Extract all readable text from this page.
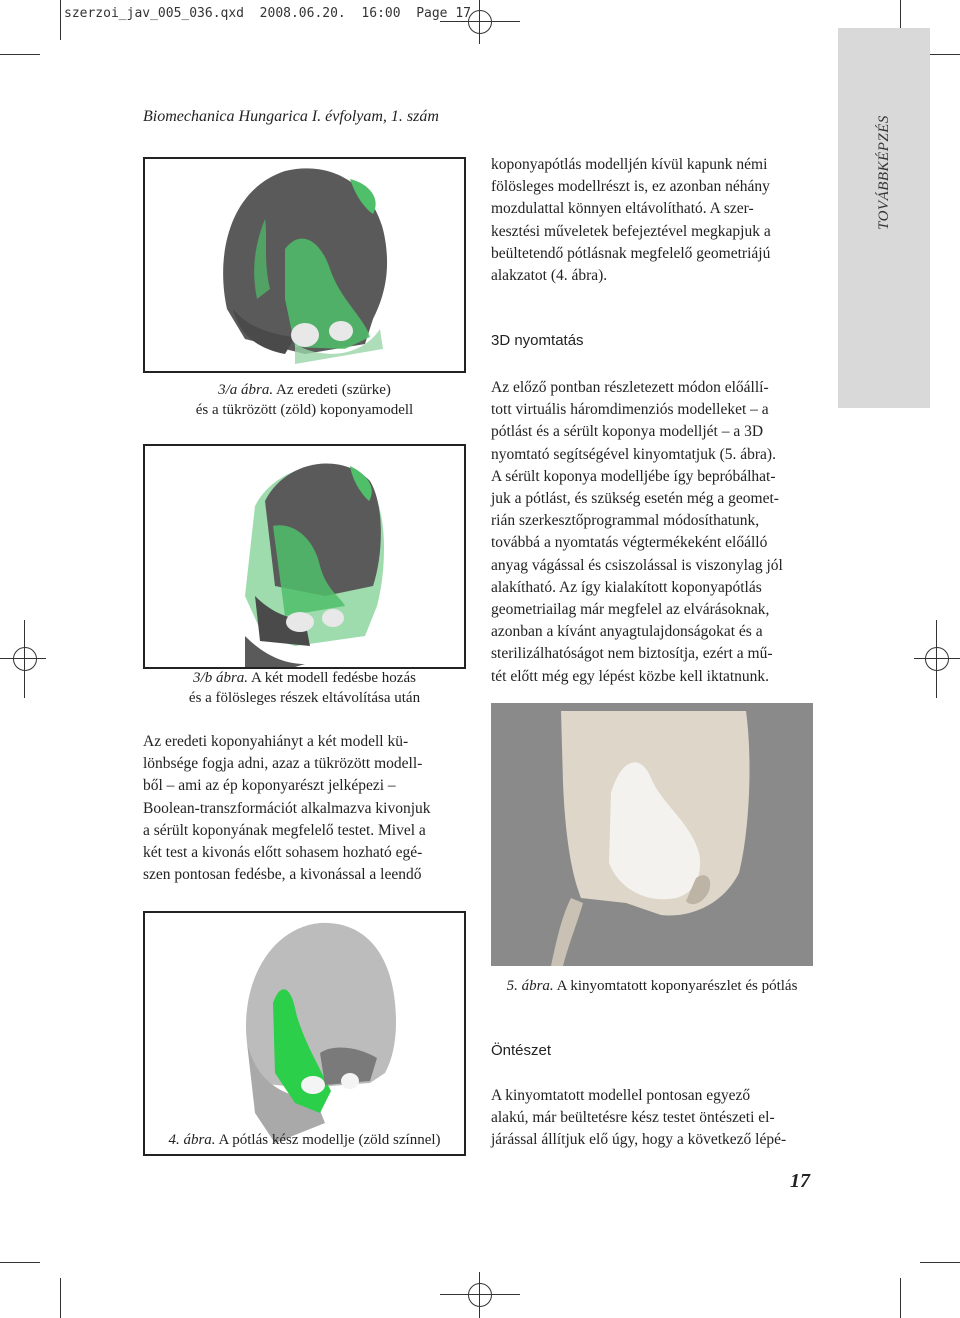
szerzoi_jav_005_036.qxd  2008.06.20.  16:00  Page 17
Biomechanica Hungarica I. évfolyam, 1. szám	TOVÁBBKÉPZÉS
3/a ábra. Az eredeti (szürke)
és a tükrözött (zöld) koponyamodell
3/b ábra. A két modell fedésbe hozás
és a fölösleges részek eltávolítása után
Az eredeti koponyahiányt a két modell kü-
lönbsége fogja adni, azaz a tükrözött modell-
ből – ami az ép koponyarészt jelképezi –
Boolean-transzformációt alkalmazva kivonjuk
a sérült koponyának megfelelő testet. Mivel a
két test a kivonás előtt sohasem hozható egé-
szen pontosan fedésbe, a kivonással a leendő
4. ábra. A pótlás kész modellje (zöld színnel)
koponyapótlás modelljén kívül kapunk némi
fölösleges modellrészt is, ez azonban néhány
mozdulattal könnyen eltávolítható. A szer-
kesztési műveletek befejeztével megkapjuk a
beültetendő pótlásnak megfelelő geometriájú
alakzatot (4. ábra).
3D nyomtatás
Az előző pontban részletezett módon előállí-
tott virtuális háromdimenziós modelleket – a
pótlást és a sérült koponya modelljét – a 3D
nyomtató segítségével kinyomtatjuk (5. ábra).
A sérült koponya modelljébe így bepróbálhat-
juk a pótlást, és szükség esetén még a geomet-
rián szerkesztőprogrammal módosíthatunk,
továbbá a nyomtatás végtermékeként előálló
anyag vágással és csiszolással is viszonylag jól
alakítható. Az így kialakított koponyapótlás
geometriailag már megfelel az elvárásoknak,
azonban a kívánt anyagtulajdonságokat és a
sterilizálhatóságot nem biztosítja, ezért a mű-
tét előtt még egy lépést közbe kell iktatnunk.
5. ábra. A kinyomtatott koponyarészlet és pótlás
Öntészet
A kinyomtatott modellel pontosan egyező
alakú, már beültetésre kész testet öntészeti el-
járással állítjuk elő úgy, hogy a következő lépé-
17
